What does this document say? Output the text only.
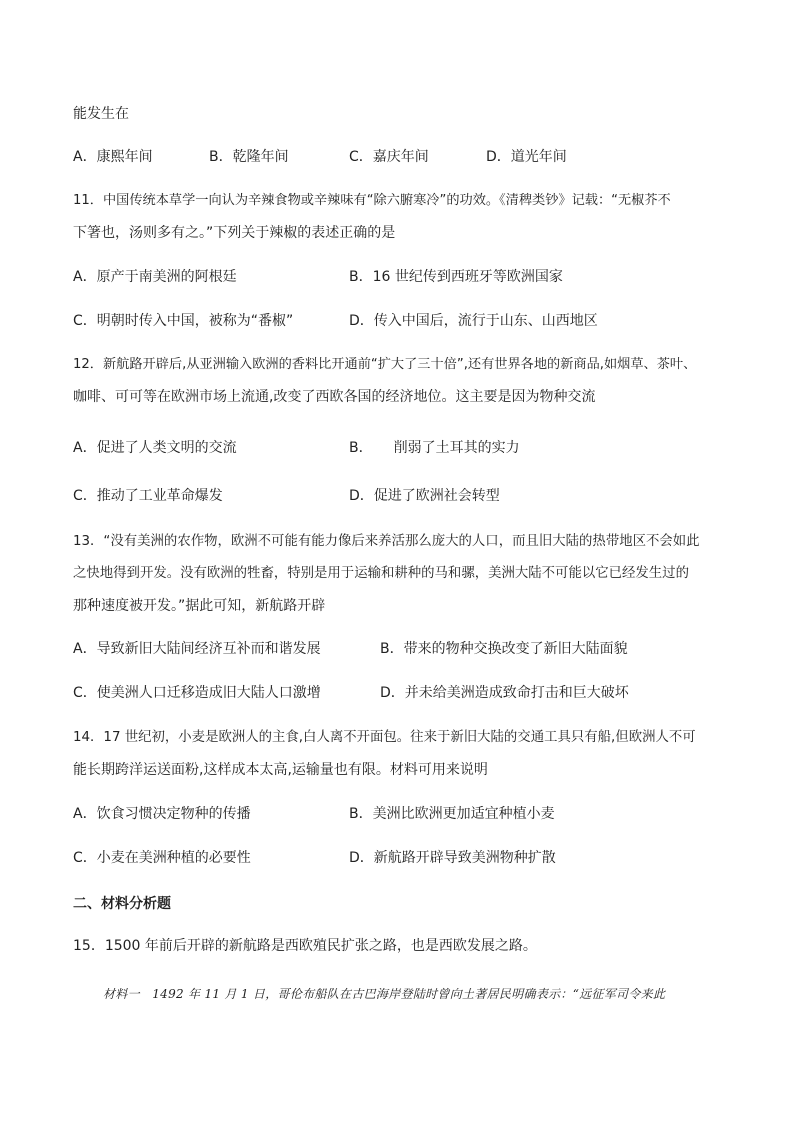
能发生在
A．康熙年间	B．乾隆年间	C．嘉庆年间	D．道光年间
11．中国传统本草学一向认为辛辣食物或辛辣味有“除六腑寒冷”的功效。《清稗类钞》记载：“无椒芥不
下箸也，汤则多有之。”下列关于辣椒的表述正确的是
A．原产于南美洲的阿根廷	B．16 世纪传到西班牙等欧洲国家
C．明朝时传入中国，被称为“番椒”	D．传入中国后，流行于山东、山西地区
12．新航路开辟后,从亚洲输入欧洲的香料比开通前“扩大了三十倍”,还有世界各地的新商品,如烟草、茶叶、
咖啡、可可等在欧洲市场上流通,改变了西欧各国的经济地位。这主要是因为物种交流
A．促进了人类文明的交流	B．　　削弱了土耳其的实力
C．推动了工业革命爆发	D．促进了欧洲社会转型
13．“没有美洲的农作物，欧洲不可能有能力像后来养活那么庞大的人口，而且旧大陆的热带地区不会如此
之快地得到开发。没有欧洲的牲畜，特别是用于运输和耕种的马和骡，美洲大陆不可能以它已经发生过的
那种速度被开发。”据此可知，新航路开辟
A．导致新旧大陆间经济互补而和谐发展	B．带来的物种交换改变了新旧大陆面貌
C．使美洲人口迁移造成旧大陆人口激增	D．并未给美洲造成致命打击和巨大破坏
14．17 世纪初，小麦是欧洲人的主食,白人离不开面包。往来于新旧大陆的交通工具只有船,但欧洲人不可
能长期跨洋运送面粉,这样成本太高,运输量也有限。材料可用来说明
A．饮食习惯决定物种的传播	B．美洲比欧洲更加适宜种植小麦
C．小麦在美洲种植的必要性	D．新航路开辟导致美洲物种扩散
二、材料分析题
15．1500 年前后开辟的新航路是西欧殖民扩张之路，也是西欧发展之路。
材料一　1492 年 11 月 1 日，哥伦布船队在古巴海岸登陆时曾向土著居民明确表示：“远征军司令来此
